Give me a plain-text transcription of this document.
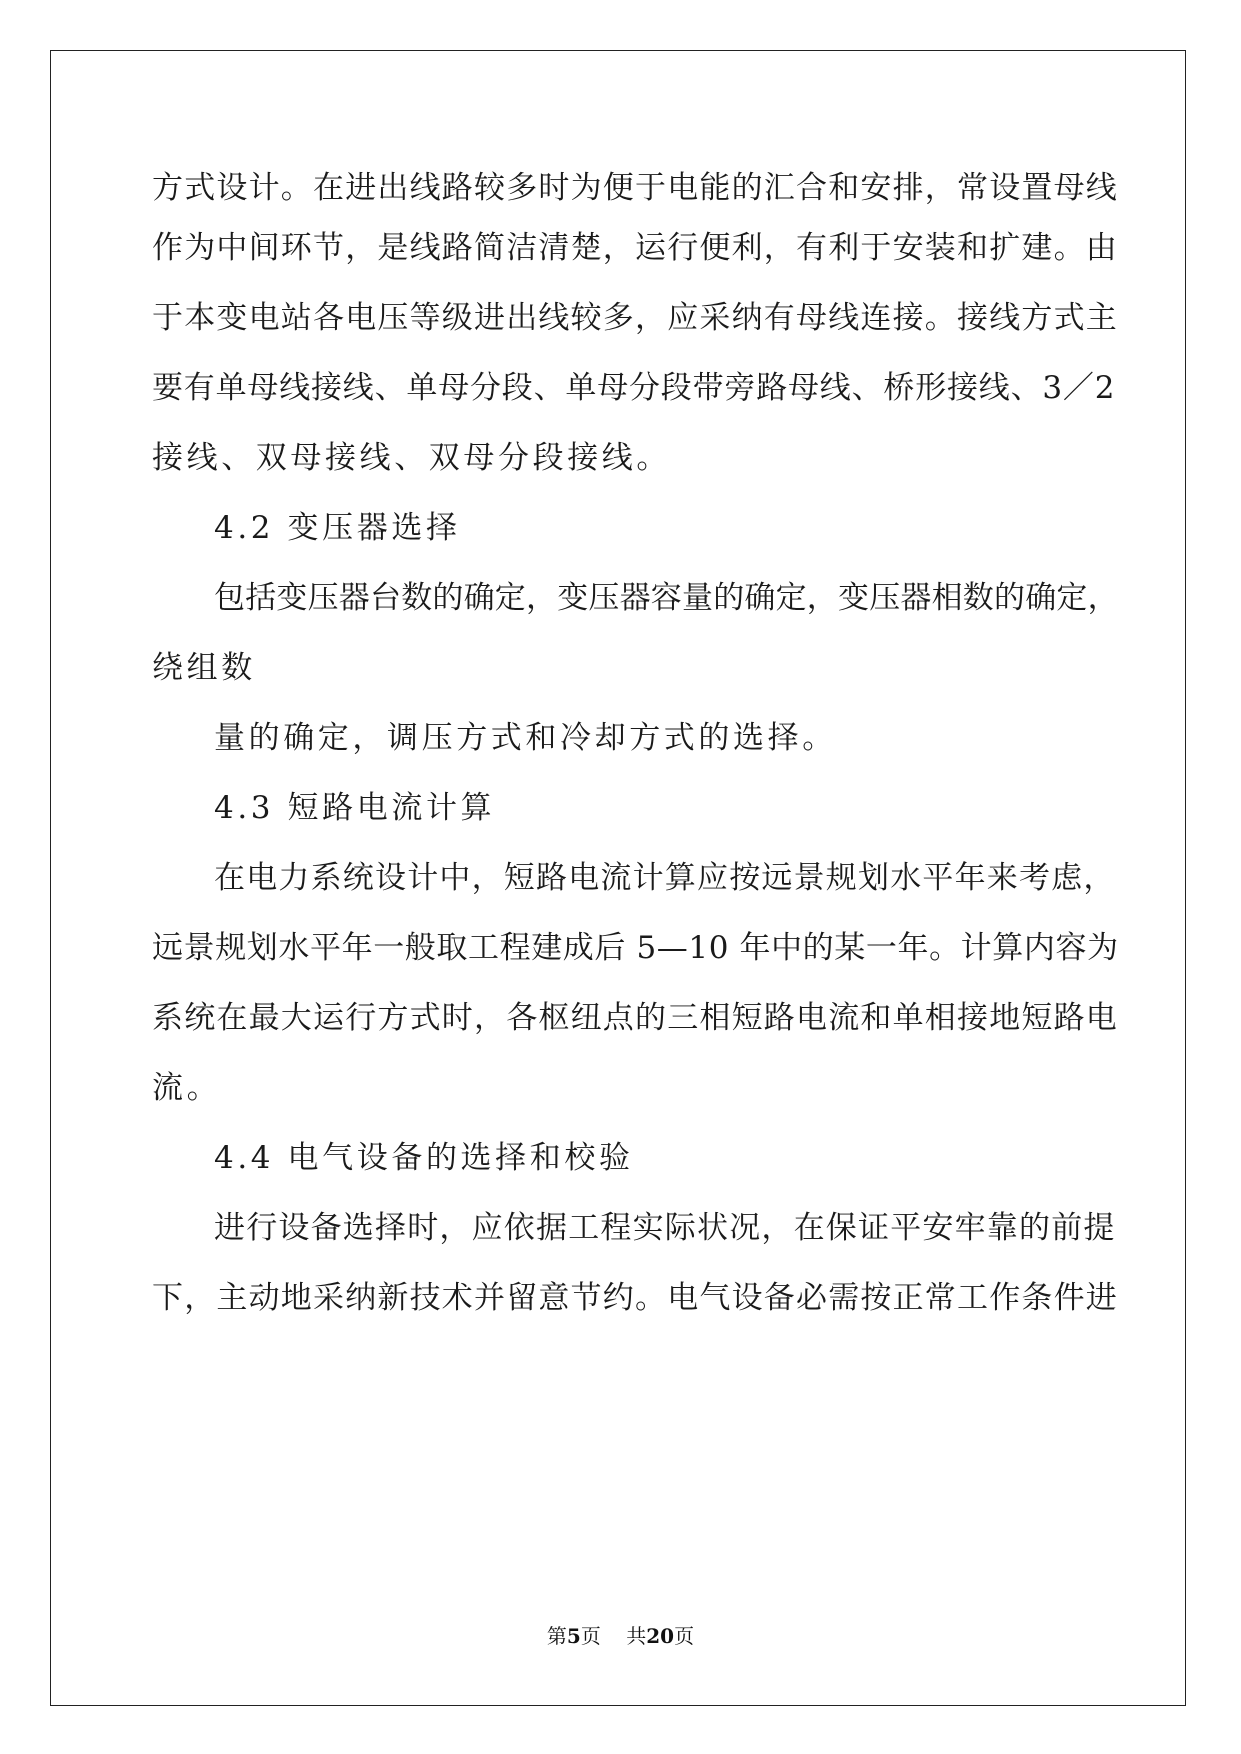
方式设计。在进出线路较多时为便于电能的汇合和安排，常设置母线
作为中间环节，是线路简洁清楚，运行便利，有利于安装和扩建。由
于本变电站各电压等级进出线较多，应采纳有母线连接。接线方式主
要有单母线接线、单母分段、单母分段带旁路母线、桥形接线、3／2
接线、双母接线、双母分段接线。
4.2 变压器选择
包括变压器台数的确定，变压器容量的确定，变压器相数的确定，
绕组数
量的确定，调压方式和冷却方式的选择。
4.3 短路电流计算
在电力系统设计中，短路电流计算应按远景规划水平年来考虑，
远景规划水平年一般取工程建成后 5—10 年中的某一年。计算内容为
系统在最大运行方式时，各枢纽点的三相短路电流和单相接地短路电
流。
4.4 电气设备的选择和校验
进行设备选择时，应依据工程实际状况，在保证平安牢靠的前提
下，主动地采纳新技术并留意节约。电气设备必需按正常工作条件进
第5页 共20页
